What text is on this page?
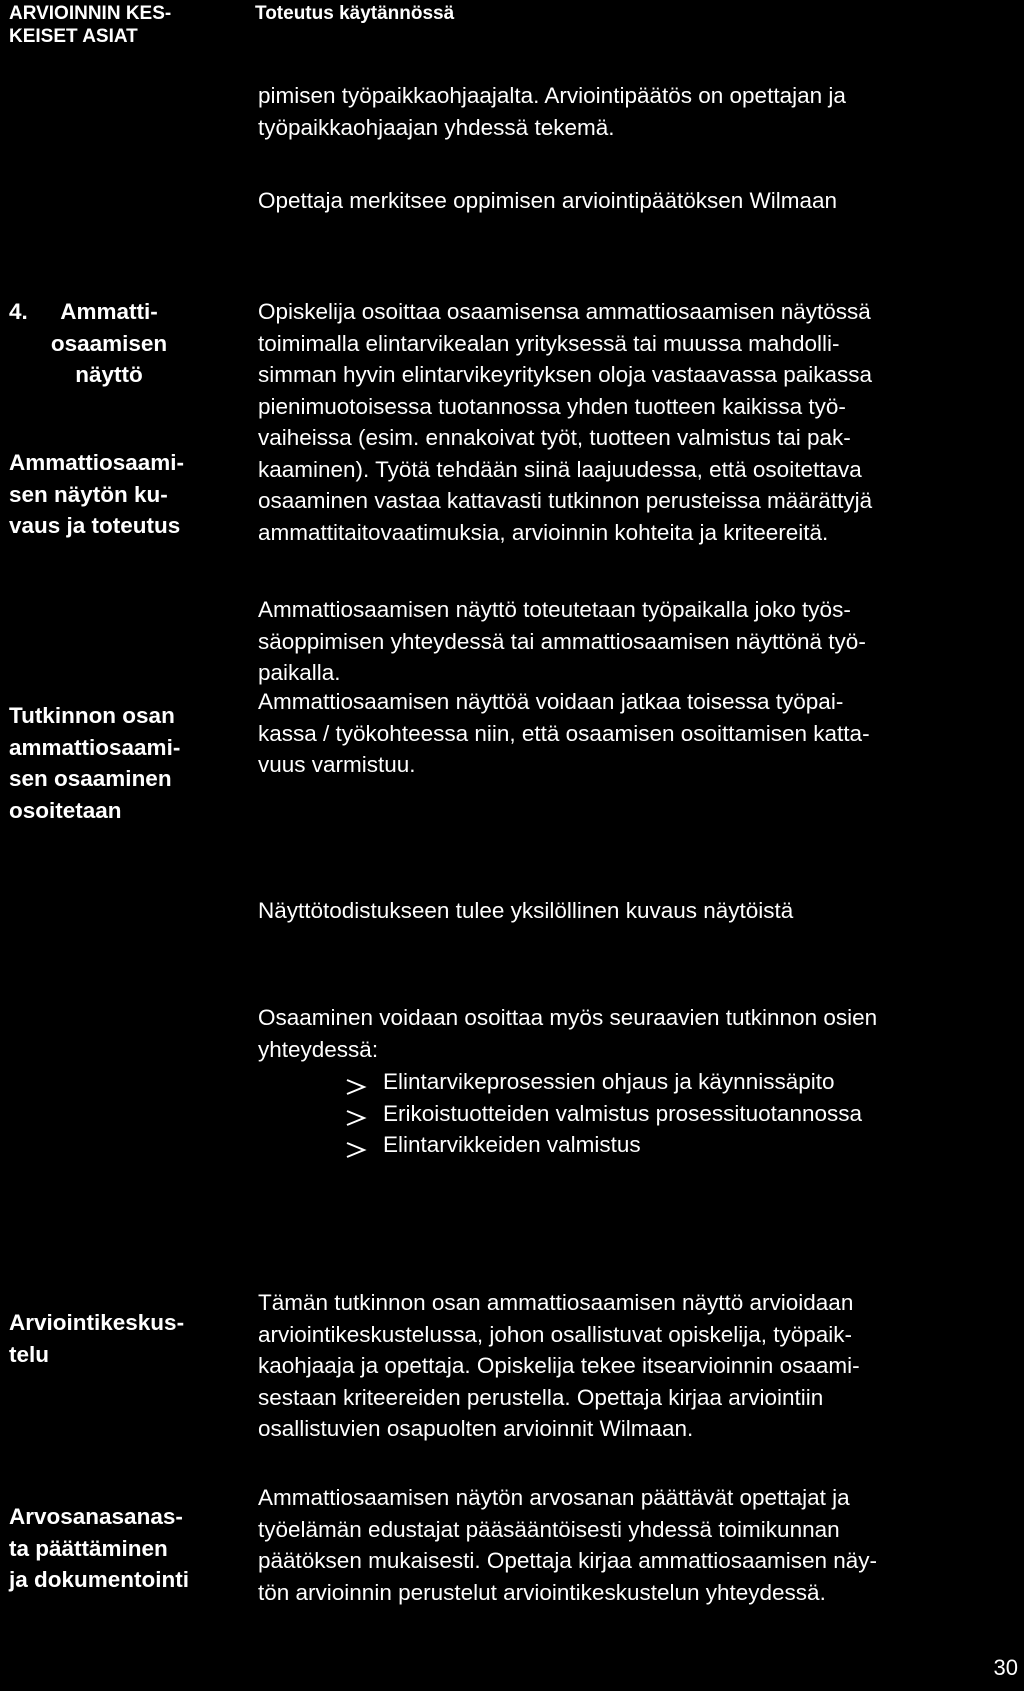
ARVIOINNIN KES-
KEISET ASIAT
Toteutus käytännössä

pimisen työpaikkaohjaajalta. Arviointipäätös on opettajan ja
työpaikkaohjaajan yhdessä tekemä.

Opettaja merkitsee oppimisen arviointipäätöksen Wilmaan

4. Ammatti-
osaamisen
näyttö
Ammattiosaami-
sen näytön ku-
vaus ja toteutus

Opiskelija osoittaa osaamisensa ammattiosaamisen näytössä
toimimalla elintarvikealan yrityksessä tai muussa mahdolli-
simman hyvin elintarvikeyrityksen oloja vastaavassa paikassa
pienimuotoisessa tuotannossa yhden tuotteen kaikissa työ-
vaiheissa (esim. ennakoivat työt, tuotteen valmistus tai pak-
kaaminen). Työtä tehdään siinä laajuudessa, että osoitettava
osaaminen vastaa kattavasti tutkinnon perusteissa määrättyjä
ammattitaitovaatimuksia, arvioinnin kohteita ja kriteereitä.

Ammattiosaamisen näyttö toteutetaan työpaikalla joko työs-
säoppimisen yhteydessä tai ammattiosaamisen näyttönä työ-
paikalla.

Tutkinnon osan
ammattiosaami-
sen osaaminen
osoitetaan

Ammattiosaamisen näyttöä voidaan jatkaa toisessa työpai-
kassa / työkohteessa niin, että osaamisen osoittamisen katta-
vuus varmistuu.

Näyttötodistukseen tulee yksilöllinen kuvaus näytöistä

Osaaminen voidaan osoittaa myös seuraavien tutkinnon osien
yhteydessä:

Elintarvikeprosessien ohjaus ja käynnissäpito
Erikoistuotteiden valmistus prosessituotannossa
Elintarvikkeiden valmistus
Arviointikeskus-
telu

Tämän tutkinnon osan ammattiosaamisen näyttö arvioidaan
arviointikeskustelussa, johon osallistuvat opiskelija, työpaik-
kaohjaaja ja opettaja. Opiskelija tekee itsearvioinnin osaami-
sestaan kriteereiden perustella. Opettaja kirjaa arviointiin
osallistuvien osapuolten arvioinnit Wilmaan.

Arvosanasanas-
ta päättäminen
ja dokumentointi

Ammattiosaamisen näytön arvosanan päättävät opettajat ja
työelämän edustajat pääsääntöisesti yhdessä toimikunnan
päätöksen mukaisesti. Opettaja kirjaa ammattiosaamisen näy-
tön arvioinnin perustelut arviointikeskustelun yhteydessä.

30
